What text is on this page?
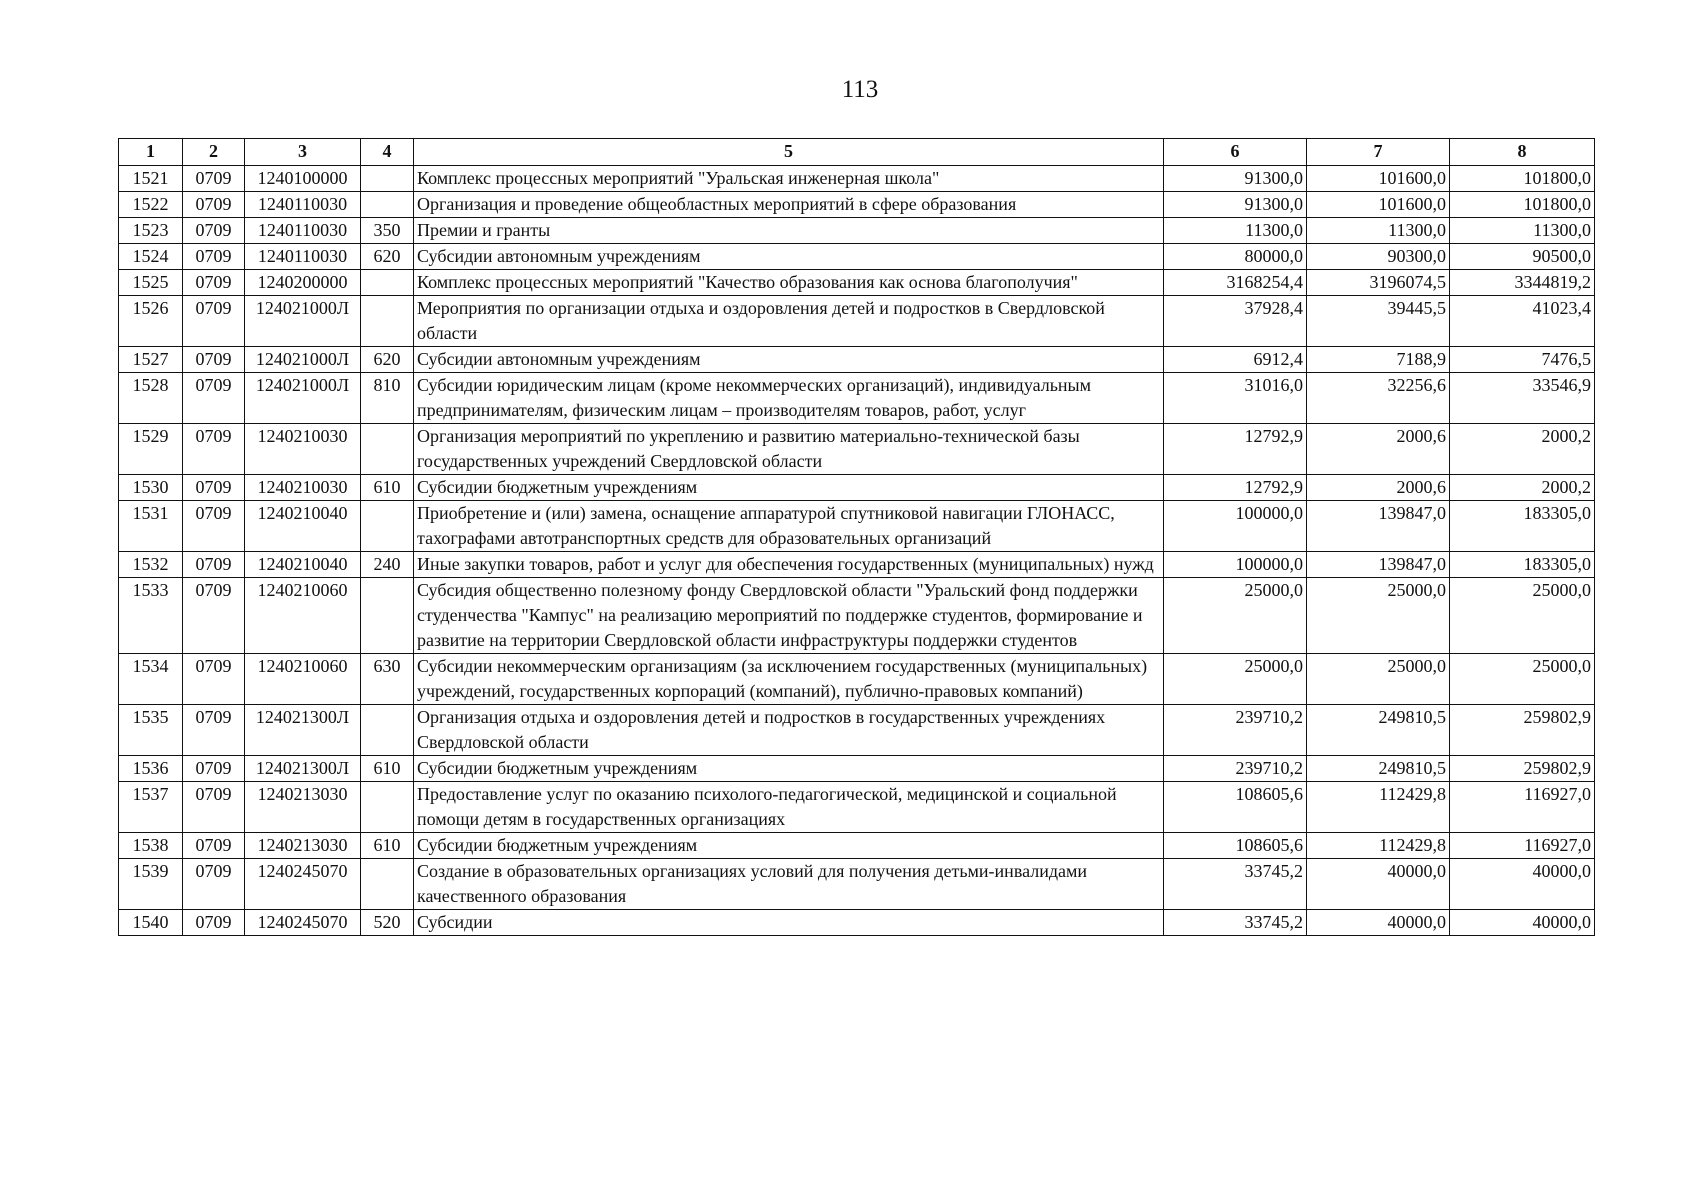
113
1	2	3	4	5	6	7	8
1521	0709	1240100000		Комплекс процессных мероприятий "Уральская инженерная школа"	91300,0	101600,0	101800,0
1522	0709	1240110030		Организация и проведение общеобластных мероприятий в сфере образования	91300,0	101600,0	101800,0
1523	0709	1240110030	350	Премии и гранты	11300,0	11300,0	11300,0
1524	0709	1240110030	620	Субсидии автономным учреждениям	80000,0	90300,0	90500,0
1525	0709	1240200000		Комплекс процессных мероприятий "Качество образования как основа благополучия"	3168254,4	3196074,5	3344819,2
1526	0709	124021000Л		Мероприятия по организации отдыха и оздоровления детей и подростков в Свердловской области	37928,4	39445,5	41023,4
1527	0709	124021000Л	620	Субсидии автономным учреждениям	6912,4	7188,9	7476,5
1528	0709	124021000Л	810	Субсидии юридическим лицам (кроме некоммерческих организаций), индивидуальным предпринимателям, физическим лицам – производителям товаров, работ, услуг	31016,0	32256,6	33546,9
1529	0709	1240210030		Организация мероприятий по укреплению и развитию материально-технической базы государственных учреждений Свердловской области	12792,9	2000,6	2000,2
1530	0709	1240210030	610	Субсидии бюджетным учреждениям	12792,9	2000,6	2000,2
1531	0709	1240210040		Приобретение и (или) замена, оснащение аппаратурой спутниковой навигации ГЛОНАСС, тахографами автотранспортных средств для образовательных организаций	100000,0	139847,0	183305,0
1532	0709	1240210040	240	Иные закупки товаров, работ и услуг для обеспечения государственных (муниципальных) нужд	100000,0	139847,0	183305,0
1533	0709	1240210060		Субсидия общественно полезному фонду Свердловской области "Уральский фонд поддержки студенчества "Кампус" на реализацию мероприятий по поддержке студентов, формирование и развитие на территории Свердловской области инфраструктуры поддержки студентов	25000,0	25000,0	25000,0
1534	0709	1240210060	630	Субсидии некоммерческим организациям (за исключением государственных (муниципальных) учреждений, государственных корпораций (компаний), публично-правовых компаний)	25000,0	25000,0	25000,0
1535	0709	124021300Л		Организация отдыха и оздоровления детей и подростков в государственных учреждениях Свердловской области	239710,2	249810,5	259802,9
1536	0709	124021300Л	610	Субсидии бюджетным учреждениям	239710,2	249810,5	259802,9
1537	0709	1240213030		Предоставление услуг по оказанию психолого-педагогической, медицинской и социальной помощи детям в государственных организациях	108605,6	112429,8	116927,0
1538	0709	1240213030	610	Субсидии бюджетным учреждениям	108605,6	112429,8	116927,0
1539	0709	1240245070		Создание в образовательных организациях условий для получения детьми-инвалидами качественного образования	33745,2	40000,0	40000,0
1540	0709	1240245070	520	Субсидии	33745,2	40000,0	40000,0
